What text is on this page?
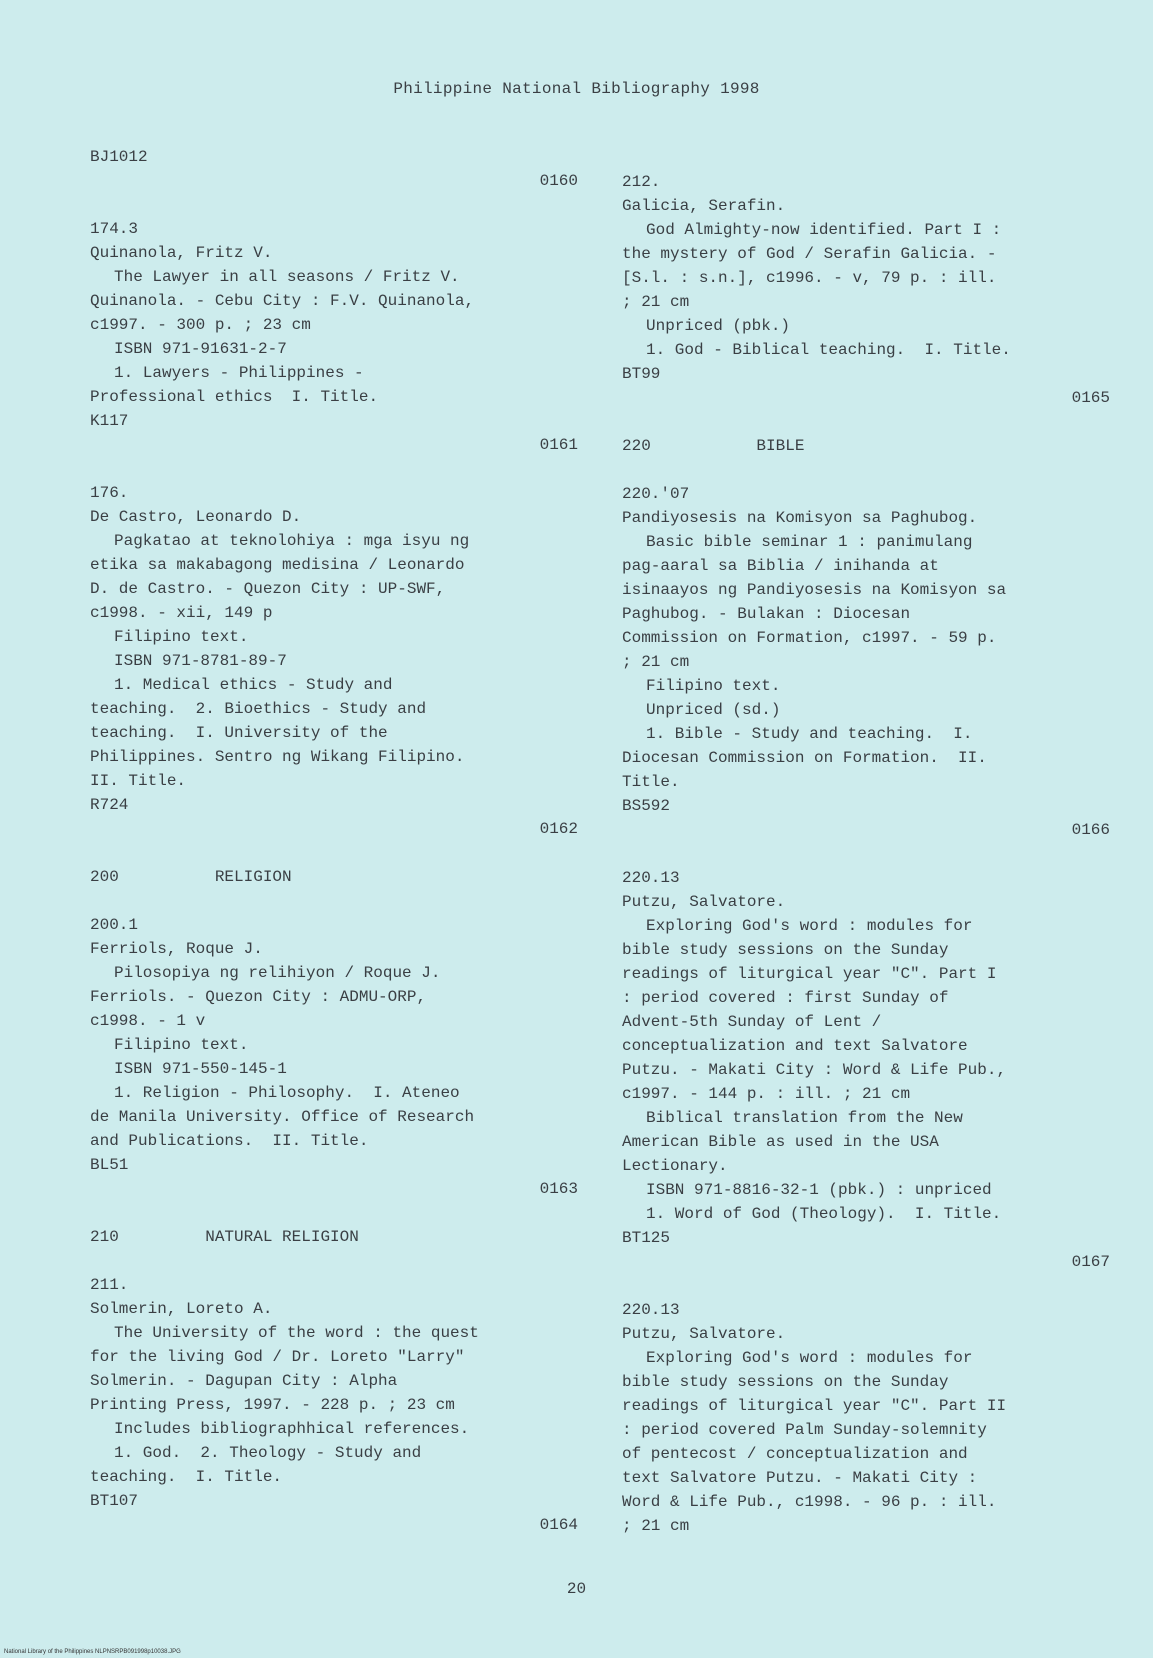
Philippine National Bibliography 1998
BJ1012
0160
174.3
Quinanola, Fritz V.
The Lawyer in all seasons / Fritz V.
Quinanola. - Cebu City : F.V. Quinanola,
c1997. - 300 p. ; 23 cm
ISBN 971-91631-2-7
1. Lawyers - Philippines -
Professional ethics  I. Title.
K117
0161
176.
De Castro, Leonardo D.
Pagkatao at teknolohiya : mga isyu ng
etika sa makabagong medisina / Leonardo
D. de Castro. - Quezon City : UP-SWF,
c1998. - xii, 149 p
Filipino text.
ISBN 971-8781-89-7
1. Medical ethics - Study and
teaching.  2. Bioethics - Study and
teaching.  I. University of the
Philippines. Sentro ng Wikang Filipino.
II. Title.
R724
0162
200          RELIGION
200.1
Ferriols, Roque J.
Pilosopiya ng relihiyon / Roque J.
Ferriols. - Quezon City : ADMU-ORP,
c1998. - 1 v
Filipino text.
ISBN 971-550-145-1
1. Religion - Philosophy.  I. Ateneo
de Manila University. Office of Research
and Publications.  II. Title.
BL51
0163
210         NATURAL RELIGION
211.
Solmerin, Loreto A.
The University of the word : the quest
for the living God / Dr. Loreto "Larry"
Solmerin. - Dagupan City : Alpha
Printing Press, 1997. - 228 p. ; 23 cm
Includes bibliographhical references.
1. God.  2. Theology - Study and
teaching.  I. Title.
BT107
0164
212.
Galicia, Serafin.
God Almighty-now identified. Part I :
the mystery of God / Serafin Galicia. -
[S.l. : s.n.], c1996. - v, 79 p. : ill.
; 21 cm
Unpriced (pbk.)
1. God - Biblical teaching.  I. Title.
BT99
0165
220           BIBLE
220.'07
Pandiyosesis na Komisyon sa Paghubog.
Basic bible seminar 1 : panimulang
pag-aaral sa Biblia / inihanda at
isinaayos ng Pandiyosesis na Komisyon sa
Paghubog. - Bulakan : Diocesan
Commission on Formation, c1997. - 59 p.
; 21 cm
Filipino text.
Unpriced (sd.)
1. Bible - Study and teaching.  I.
Diocesan Commission on Formation.  II.
Title.
BS592
0166
220.13
Putzu, Salvatore.
Exploring God's word : modules for
bible study sessions on the Sunday
readings of liturgical year "C". Part I
: period covered : first Sunday of
Advent-5th Sunday of Lent /
conceptualization and text Salvatore
Putzu. - Makati City : Word & Life Pub.,
c1997. - 144 p. : ill. ; 21 cm
Biblical translation from the New
American Bible as used in the USA
Lectionary.
ISBN 971-8816-32-1 (pbk.) : unpriced
1. Word of God (Theology).  I. Title.
BT125
0167
220.13
Putzu, Salvatore.
Exploring God's word : modules for
bible study sessions on the Sunday
readings of liturgical year "C". Part II
: period covered Palm Sunday-solemnity
of pentecost / conceptualization and
text Salvatore Putzu. - Makati City :
Word & Life Pub., c1998. - 96 p. : ill.
; 21 cm
20
National Library of the Philippines NLPNSRPB091998p10038.JPG
